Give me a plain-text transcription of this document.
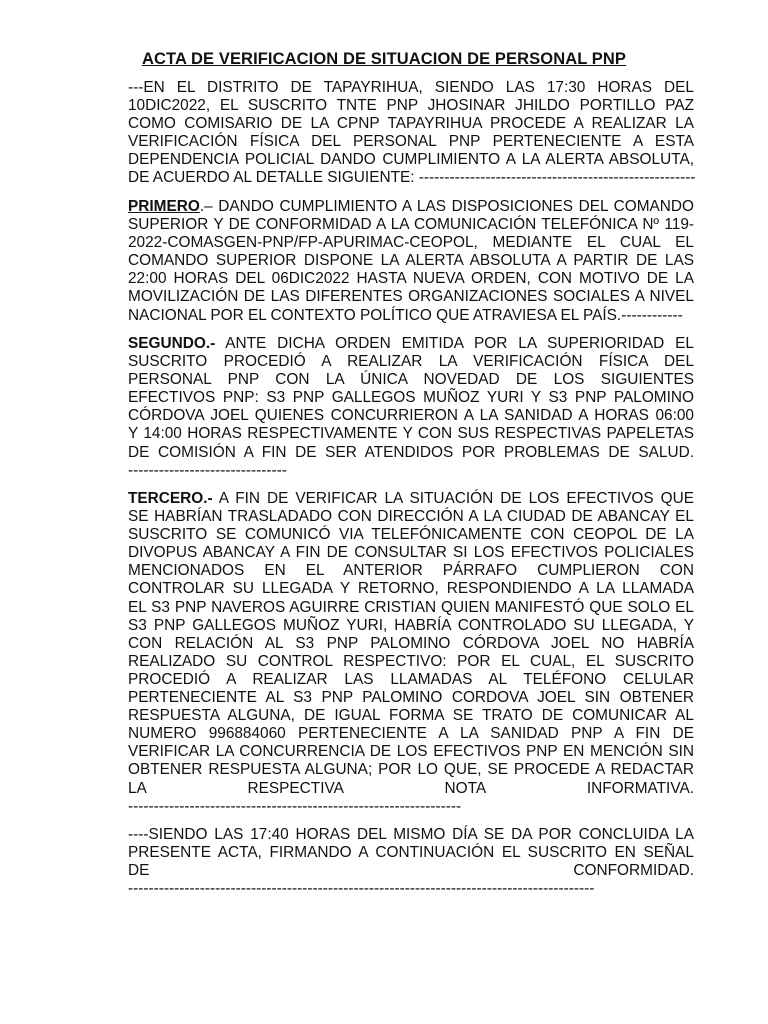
ACTA DE VERIFICACION DE SITUACION DE PERSONAL PNP
---EN EL DISTRITO DE TAPAYRIHUA, SIENDO LAS 17:30 HORAS DEL
10DIC2022, EL SUSCRITO TNTE PNP JHOSINAR JHILDO PORTILLO PAZ
COMO COMISARIO DE LA CPNP TAPAYRIHUA PROCEDE A REALIZAR LA
VERIFICACIÓN FÍSICA DEL PERSONAL PNP PERTENECIENTE A ESTA
DEPENDENCIA POLICIAL DANDO CUMPLIMIENTO A LA ALERTA ABSOLUTA,
DE ACUERDO AL DETALLE SIGUIENTE: ------------------------------------------------------
PRIMERO.– DANDO CUMPLIMIENTO A LAS DISPOSICIONES DEL COMANDO
SUPERIOR Y DE CONFORMIDAD A LA COMUNICACIÓN TELEFÓNICA Nº 119-
2022-COMASGEN-PNP/FP-APURIMAC-CEOPOL, MEDIANTE EL CUAL EL
COMANDO SUPERIOR DISPONE LA ALERTA ABSOLUTA A PARTIR DE LAS
22:00 HORAS DEL 06DIC2022 HASTA NUEVA ORDEN, CON MOTIVO DE LA
MOVILIZACIÓN DE LAS DIFERENTES ORGANIZACIONES SOCIALES A NIVEL
NACIONAL POR EL CONTEXTO POLÍTICO QUE ATRAVIESA EL PAÍS.------------
SEGUNDO.- ANTE DICHA ORDEN EMITIDA POR LA SUPERIORIDAD EL
SUSCRITO PROCEDIÓ A REALIZAR LA VERIFICACIÓN FÍSICA DEL
PERSONAL PNP CON LA ÚNICA NOVEDAD DE LOS SIGUIENTES
EFECTIVOS PNP: S3 PNP GALLEGOS MUÑOZ YURI Y S3 PNP PALOMINO
CÓRDOVA JOEL QUIENES CONCURRIERON A LA SANIDAD A HORAS 06:00
Y 14:00 HORAS RESPECTIVAMENTE Y CON SUS RESPECTIVAS PAPELETAS
DE COMISIÓN A FIN DE SER ATENDIDOS POR PROBLEMAS DE SALUD.
-------------------------------
TERCERO.- A FIN DE VERIFICAR LA SITUACIÓN DE LOS EFECTIVOS QUE
SE HABRÍAN TRASLADADO CON DIRECCIÓN A LA CIUDAD DE ABANCAY EL
SUSCRITO SE COMUNICÓ VIA TELEFÓNICAMENTE CON CEOPOL DE LA
DIVOPUS ABANCAY A FIN DE CONSULTAR SI LOS EFECTIVOS POLICIALES
MENCIONADOS EN EL ANTERIOR PÁRRAFO CUMPLIERON CON
CONTROLAR SU LLEGADA Y RETORNO, RESPONDIENDO A LA LLAMADA
EL S3 PNP NAVEROS AGUIRRE CRISTIAN QUIEN MANIFESTÓ QUE SOLO EL
S3 PNP GALLEGOS MUÑOZ YURI, HABRÍA CONTROLADO SU LLEGADA, Y
CON RELACIÓN AL S3 PNP PALOMINO CÓRDOVA JOEL NO HABRÍA
REALIZADO SU CONTROL RESPECTIVO: POR EL CUAL, EL SUSCRITO
PROCEDIÓ A REALIZAR LAS LLAMADAS AL TELÉFONO CELULAR
PERTENECIENTE AL S3 PNP PALOMINO CORDOVA JOEL SIN OBTENER
RESPUESTA ALGUNA, DE IGUAL FORMA SE TRATO DE COMUNICAR AL
NUMERO 996884060 PERTENECIENTE A LA SANIDAD PNP A FIN DE
VERIFICAR LA CONCURRENCIA DE LOS EFECTIVOS PNP EN MENCIÓN SIN
OBTENER RESPUESTA ALGUNA; POR LO QUE, SE PROCEDE A REDACTAR
LA RESPECTIVA NOTA INFORMATIVA.
-----------------------------------------------------------------
----SIENDO LAS 17:40 HORAS DEL MISMO DÍA SE DA POR CONCLUIDA LA
PRESENTE ACTA, FIRMANDO A CONTINUACIÓN EL SUSCRITO EN SEÑAL
DE CONFORMIDAD.
-------------------------------------------------------------------------------------------
